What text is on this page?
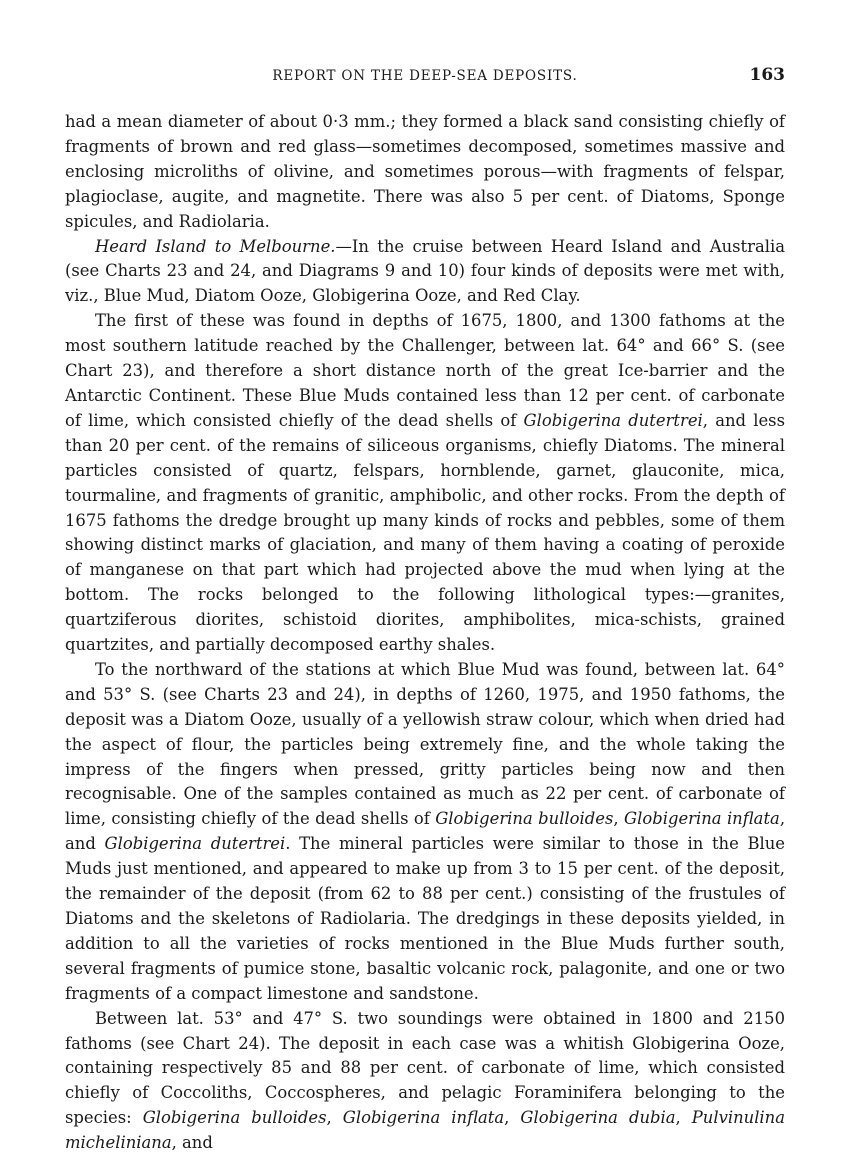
REPORT ON THE DEEP-SEA DEPOSITS.	163

had a mean diameter of about 0·3 mm.; they formed a black sand consisting chiefly of fragments of brown and red glass—sometimes decomposed, sometimes massive and enclosing microliths of olivine, and sometimes porous—with fragments of felspar, plagioclase, augite, and magnetite. There was also 5 per cent. of Diatoms, Sponge spicules, and Radiolaria.

Heard Island to Melbourne.—In the cruise between Heard Island and Australia (see Charts 23 and 24, and Diagrams 9 and 10) four kinds of deposits were met with, viz., Blue Mud, Diatom Ooze, Globigerina Ooze, and Red Clay.

The first of these was found in depths of 1675, 1800, and 1300 fathoms at the most southern latitude reached by the Challenger, between lat. 64° and 66° S. (see Chart 23), and therefore a short distance north of the great Ice-barrier and the Antarctic Continent. These Blue Muds contained less than 12 per cent. of carbonate of lime, which consisted chiefly of the dead shells of Globigerina dutertrei, and less than 20 per cent. of the remains of siliceous organisms, chiefly Diatoms. The mineral particles consisted of quartz, felspars, hornblende, garnet, glauconite, mica, tourmaline, and fragments of granitic, amphibolic, and other rocks. From the depth of 1675 fathoms the dredge brought up many kinds of rocks and pebbles, some of them showing distinct marks of glaciation, and many of them having a coating of peroxide of manganese on that part which had projected above the mud when lying at the bottom. The rocks belonged to the following lithological types:—granites, quartziferous diorites, schistoid diorites, amphibolites, mica-schists, grained quartzites, and partially decomposed earthy shales.

To the northward of the stations at which Blue Mud was found, between lat. 64° and 53° S. (see Charts 23 and 24), in depths of 1260, 1975, and 1950 fathoms, the deposit was a Diatom Ooze, usually of a yellowish straw colour, which when dried had the aspect of flour, the particles being extremely fine, and the whole taking the impress of the fingers when pressed, gritty particles being now and then recognisable. One of the samples contained as much as 22 per cent. of carbonate of lime, consisting chiefly of the dead shells of Globigerina bulloides, Globigerina inflata, and Globigerina dutertrei. The mineral particles were similar to those in the Blue Muds just mentioned, and appeared to make up from 3 to 15 per cent. of the deposit, the remainder of the deposit (from 62 to 88 per cent.) consisting of the frustules of Diatoms and the skeletons of Radiolaria. The dredgings in these deposits yielded, in addition to all the varieties of rocks mentioned in the Blue Muds further south, several fragments of pumice stone, basaltic volcanic rock, palagonite, and one or two fragments of a compact limestone and sandstone.

Between lat. 53° and 47° S. two soundings were obtained in 1800 and 2150 fathoms (see Chart 24). The deposit in each case was a whitish Globigerina Ooze, containing respectively 85 and 88 per cent. of carbonate of lime, which consisted chiefly of Coccoliths, Coccospheres, and pelagic Foraminifera belonging to the species: Globigerina bulloides, Globigerina inflata, Globigerina dubia, Pulvinulina micheliniana, and
